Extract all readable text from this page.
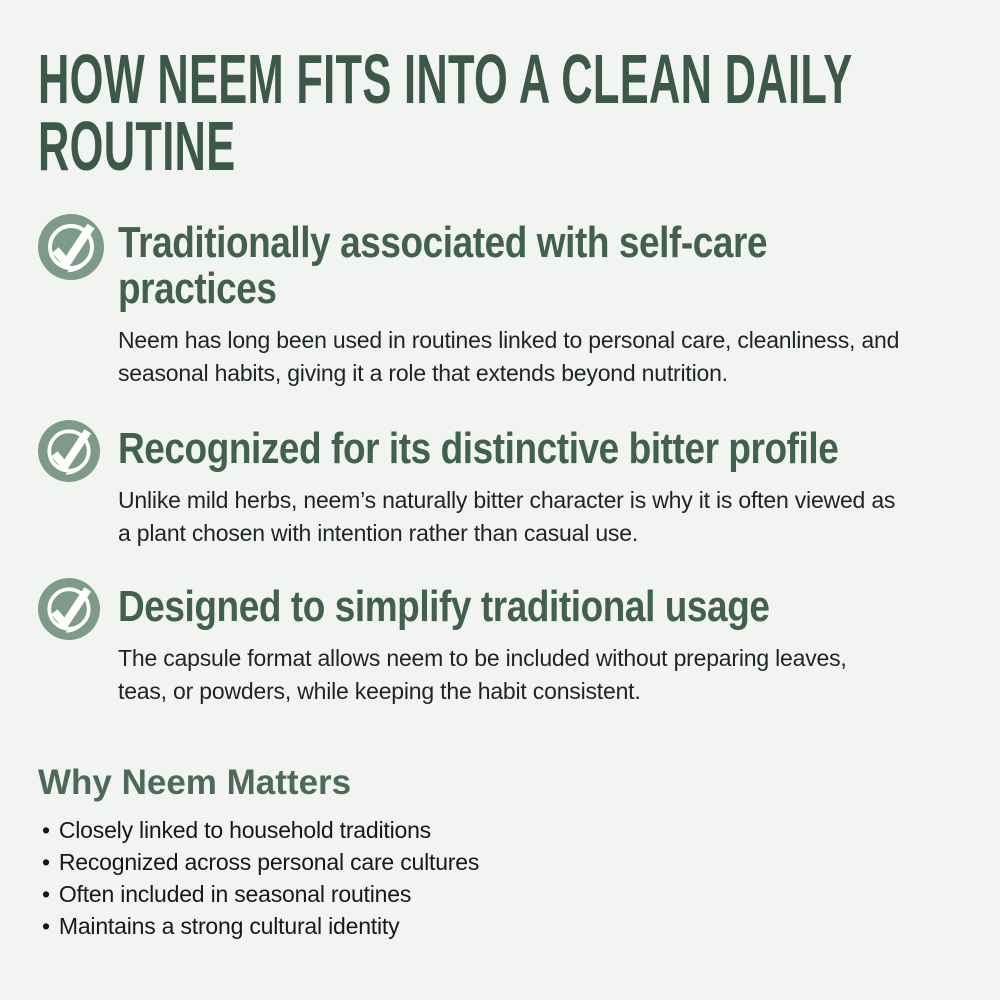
HOW NEEM FITS INTO A CLEAN DAILY
ROUTINE
Traditionally associated with self-care practices

Neem has long been used in routines linked to personal care, cleanliness, and seasonal habits, giving it a role that extends beyond nutrition.

Recognized for its distinctive bitter profile

Unlike mild herbs, neem’s naturally bitter character is why it is often viewed as a plant chosen with intention rather than casual use.

Designed to simplify traditional usage

The capsule format allows neem to be included without preparing leaves, teas, or powders, while keeping the habit consistent.

Why Neem Matters
• Closely linked to household traditions
• Recognized across personal care cultures
• Often included in seasonal routines
• Maintains a strong cultural identity
